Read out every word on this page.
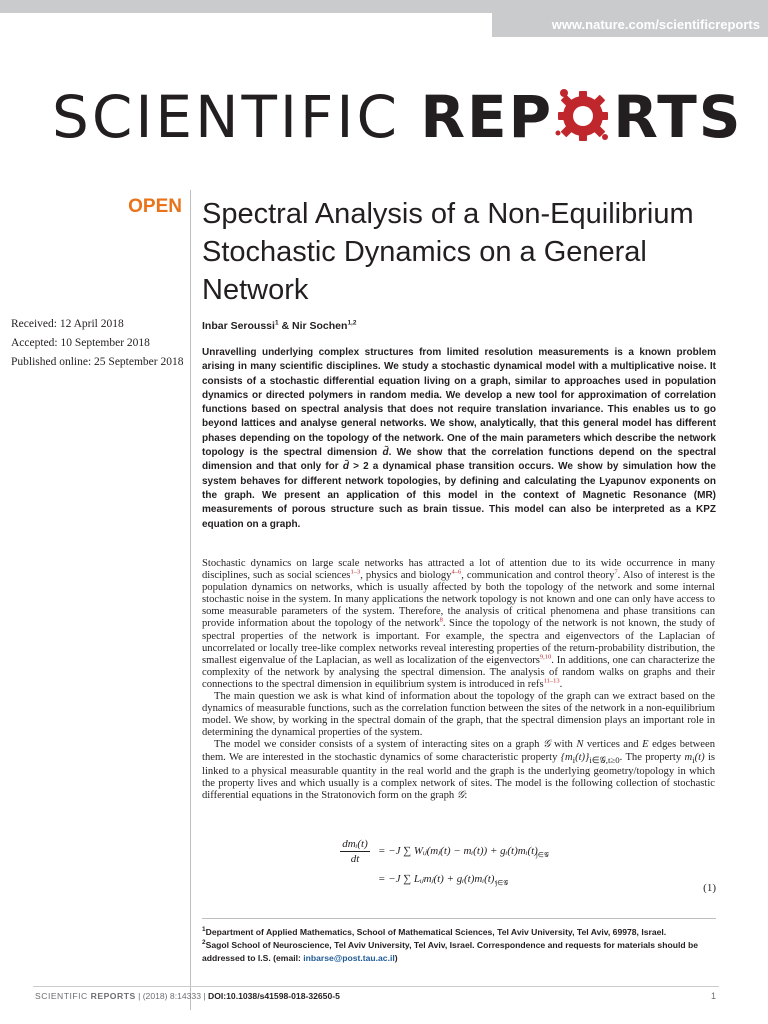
www.nature.com/scientificreports
SCIENTIFIC REP RTS
OPEN Spectral Analysis of a Non-Equilibrium Stochastic Dynamics on a General Network
Received: 12 April 2018
Accepted: 10 September 2018
Published online: 25 September 2018
Inbar Seroussi$^1$ & Nir Sochen$^{1,2}$

Unravelling underlying complex structures from limited resolution measurements is a known problem arising in many scientific disciplines. We study a stochastic dynamical model with a multiplicative noise. It consists of a stochastic differential equation living on a graph, similar to approaches used in population dynamics or directed polymers in random media. We develop a new tool for approximation of correlation functions based on spectral analysis that does not require translation invariance. This enables us to go beyond lattices and analyse general networks. We show, analytically, that this general model has different phases depending on the topology of the network. One of the main parameters which describe the network topology is the spectral dimension d̃. We show that the correlation functions depend on the spectral dimension and that only for d̃ > 2 a dynamical phase transition occurs. We show by simulation how the system behaves for different network topologies, by defining and calculating the Lyapunov exponents on the graph. We present an application of this model in the context of Magnetic Resonance (MR) measurements of porous structure such as brain tissue. This model can also be interpreted as a KPZ equation on a graph.

Stochastic dynamics on large scale networks has attracted a lot of attention due to its wide occurrence in many disciplines, such as social sciences$^{1-3}$, physics and biology$^{4-6}$, communication and control theory$^7$. Also of interest is the population dynamics on networks, which is usually affected by both the topology of the network and some internal stochastic noise in the system. In many applications the network topology is not known and one can only have access to some measurable parameters of the system. Therefore, the analysis of critical phenomena and phase transitions can provide information about the topology of the network$^8$. Since the topology of the network is not known, the study of spectral properties of the network is important. For example, the spectra and eigenvectors of the Laplacian of uncorrelated or locally tree-like complex networks reveal interesting properties of the return-probability distribution, the smallest eigenvalue of the Laplacian, as well as localization of the eigenvectors$^{9,10}$. In additions, one can characterize the complexity of the network by analysing the spectral dimension. The analysis of random walks on graphs and their connections to the spectral dimension in equilibrium system is introduced in refs$^{11-13}$.

The main question we ask is what kind of information about the topology of the graph can we extract based on the dynamics of measurable functions, such as the correlation function between the sites of the network in a non-equilibrium model. We show, by working in the spectral domain of the graph, that the spectral dimension plays an important role in determining the dynamical properties of the system.

The model we consider consists of a system of interacting sites on a graph 𝒢 with N vertices and E edges between them. We are interested in the stochastic dynamics of some characteristic property $\{m_i(t)\}_{i\in 𝒢,t\ge 0}$. The property $m_i(t)$ is linked to a physical measurable quantity in the real world and the graph is the underlying geometry/topology in which the property lives and which usually is a complex network of sites. The model is the following collection of stochastic differential equations in the Stratonovich form on the graph 𝒢:

dmᵢ(t)
dt
= −J ∑ Wᵢⱼ(mⱼ(t) − mᵢ(t)) + $gᵢ(t)mᵢ(t)_{j\in 𝒢}$
= −J ∑ Lᵢⱼmⱼ(t) + $gᵢ(t)mᵢ(t),_{j\in 𝒢}$	(1)
$^1$Department of Applied Mathematics, School of Mathematical Sciences, Tel Aviv University, Tel Aviv, 69978, Israel.
$^2$Sagol School of Neuroscience, Tel Aviv University, Tel Aviv, Israel. Correspondence and requests for materials should be addressed to I.S. (email: inbarse@post.tau.ac.il)
SCIENTIFIC REPORTS | (2018) 8:14333 | DOI:10.1038/s41598-018-32650-5	1
